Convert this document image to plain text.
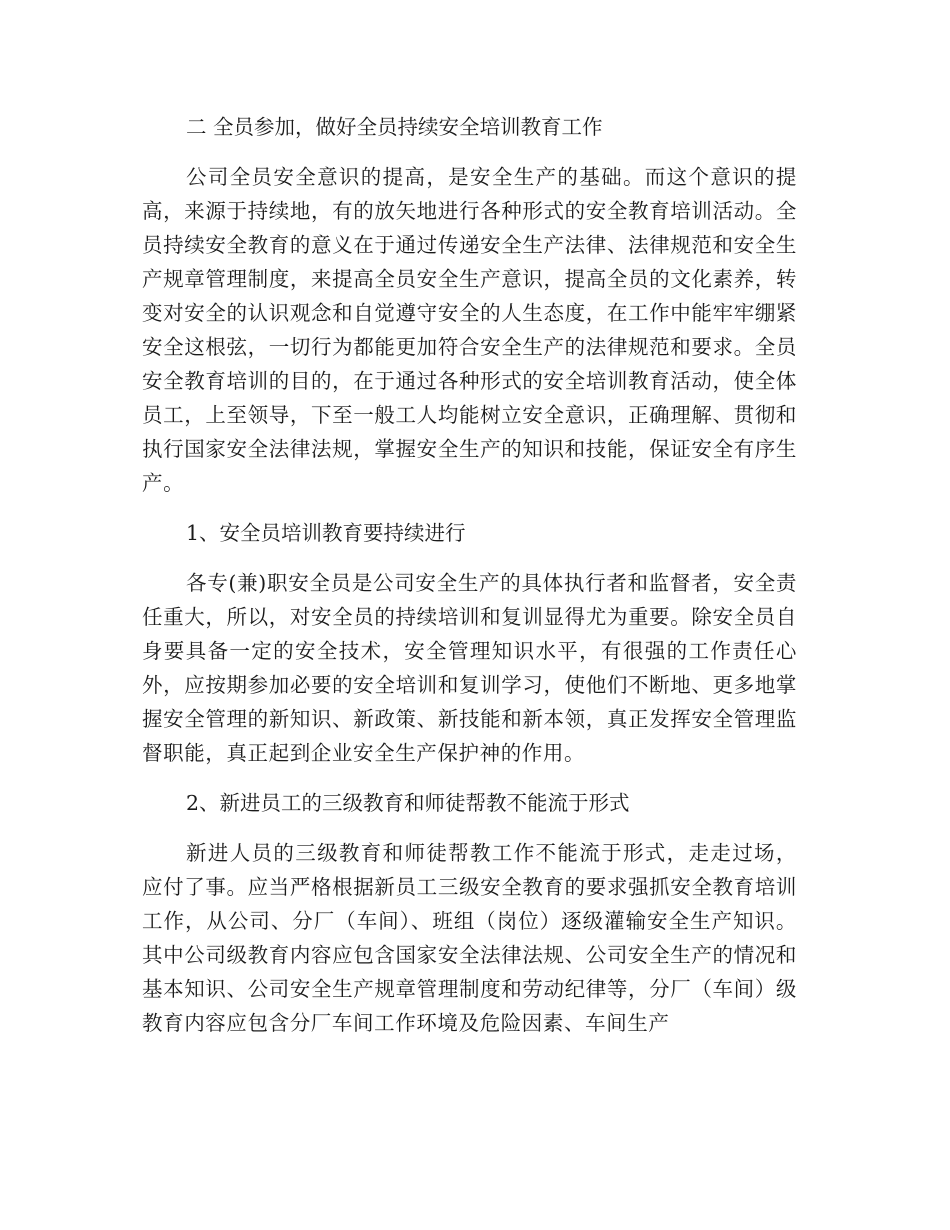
二 全员参加，做好全员持续安全培训教育工作

公司全员安全意识的提高，是安全生产的基础。而这个意识的提高，来源于持续地，有的放矢地进行各种形式的安全教育培训活动。全员持续安全教育的意义在于通过传递安全生产法律、法律规范和安全生产规章管理制度，来提高全员安全生产意识，提高全员的文化素养，转变对安全的认识观念和自觉遵守安全的人生态度，在工作中能牢牢绷紧安全这根弦，一切行为都能更加符合安全生产的法律规范和要求。全员安全教育培训的目的，在于通过各种形式的安全培训教育活动，使全体员工，上至领导，下至一般工人均能树立安全意识，正确理解、贯彻和执行国家安全法律法规，掌握安全生产的知识和技能，保证安全有序生产。

1、安全员培训教育要持续进行

各专(兼)职安全员是公司安全生产的具体执行者和监督者，安全责任重大，所以，对安全员的持续培训和复训显得尤为重要。除安全员自身要具备一定的安全技术，安全管理知识水平，有很强的工作责任心外，应按期参加必要的安全培训和复训学习，使他们不断地、更多地掌握安全管理的新知识、新政策、新技能和新本领，真正发挥安全管理监督职能，真正起到企业安全生产保护神的作用。

2、新进员工的三级教育和师徒帮教不能流于形式

新进人员的三级教育和师徒帮教工作不能流于形式，走走过场，应付了事。应当严格根据新员工三级安全教育的要求强抓安全教育培训工作，从公司、分厂（车间）、班组（岗位）逐级灌输安全生产知识。其中公司级教育内容应包含国家安全法律法规、公司安全生产的情况和基本知识、公司安全生产规章管理制度和劳动纪律等，分厂（车间）级教育内容应包含分厂车间工作环境及危险因素、车间生产
